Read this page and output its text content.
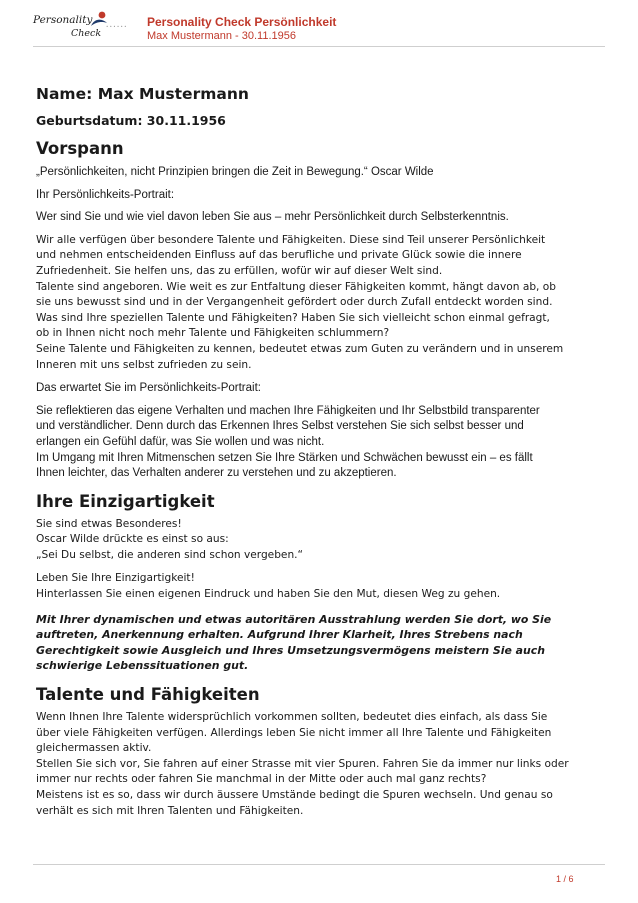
Personality
Check
• • • • • • Personality Check Persönlichkeit
Max Mustermann - 30.11.1956

Name: Max Mustermann

Geburtsdatum: 30.11.1956

Vorspann

„Persönlichkeiten, nicht Prinzipien bringen die Zeit in Bewegung.“ Oscar Wilde

Ihr Persönlichkeits-Portrait:

Wer sind Sie und wie viel davon leben Sie aus – mehr Persönlichkeit durch Selbsterkenntnis.

Wir alle verfügen über besondere Talente und Fähigkeiten. Diese sind Teil unserer Persönlichkeit

und nehmen entscheidenden Einfluss auf das berufliche und private Glück sowie die innere

Zufriedenheit. Sie helfen uns, das zu erfüllen, wofür wir auf dieser Welt sind.

Talente sind angeboren. Wie weit es zur Entfaltung dieser Fähigkeiten kommt, hängt davon ab, ob

sie uns bewusst sind und in der Vergangenheit gefördert oder durch Zufall entdeckt worden sind.

Was sind Ihre speziellen Talente und Fähigkeiten? Haben Sie sich vielleicht schon einmal gefragt,

ob in Ihnen nicht noch mehr Talente und Fähigkeiten schlummern?

Seine Talente und Fähigkeiten zu kennen, bedeutet etwas zum Guten zu verändern und in unserem

Inneren mit uns selbst zufrieden zu sein.

Das erwartet Sie im Persönlichkeits-Portrait:

Sie reflektieren das eigene Verhalten und machen Ihre Fähigkeiten und Ihr Selbstbild transparenter

und verständlicher. Denn durch das Erkennen Ihres Selbst verstehen Sie sich selbst besser und

erlangen ein Gefühl dafür, was Sie wollen und was nicht.

Im Umgang mit Ihren Mitmenschen setzen Sie Ihre Stärken und Schwächen bewusst ein – es fällt

Ihnen leichter, das Verhalten anderer zu verstehen und zu akzeptieren.

Ihre Einzigartigkeit

Sie sind etwas Besonderes!

Oscar Wilde drückte es einst so aus:

„Sei Du selbst, die anderen sind schon vergeben.“

Leben Sie Ihre Einzigartigkeit!

Hinterlassen Sie einen eigenen Eindruck und haben Sie den Mut, diesen Weg zu gehen.

Mit Ihrer dynamischen und etwas autoritären Ausstrahlung werden Sie dort, wo Sie

auftreten, Anerkennung erhalten. Aufgrund Ihrer Klarheit, Ihres Strebens nach

Gerechtigkeit sowie Ausgleich und Ihres Umsetzungsvermögens meistern Sie auch

schwierige Lebenssituationen gut.

Talente und Fähigkeiten

Wenn Ihnen Ihre Talente widersprüchlich vorkommen sollten, bedeutet dies einfach, als dass Sie

über viele Fähigkeiten verfügen. Allerdings leben Sie nicht immer all Ihre Talente und Fähigkeiten

gleichermassen aktiv.

Stellen Sie sich vor, Sie fahren auf einer Strasse mit vier Spuren. Fahren Sie da immer nur links oder

immer nur rechts oder fahren Sie manchmal in der Mitte oder auch mal ganz rechts?

Meistens ist es so, dass wir durch äussere Umstände bedingt die Spuren wechseln. Und genau so

verhält es sich mit Ihren Talenten und Fähigkeiten.

1 / 6
